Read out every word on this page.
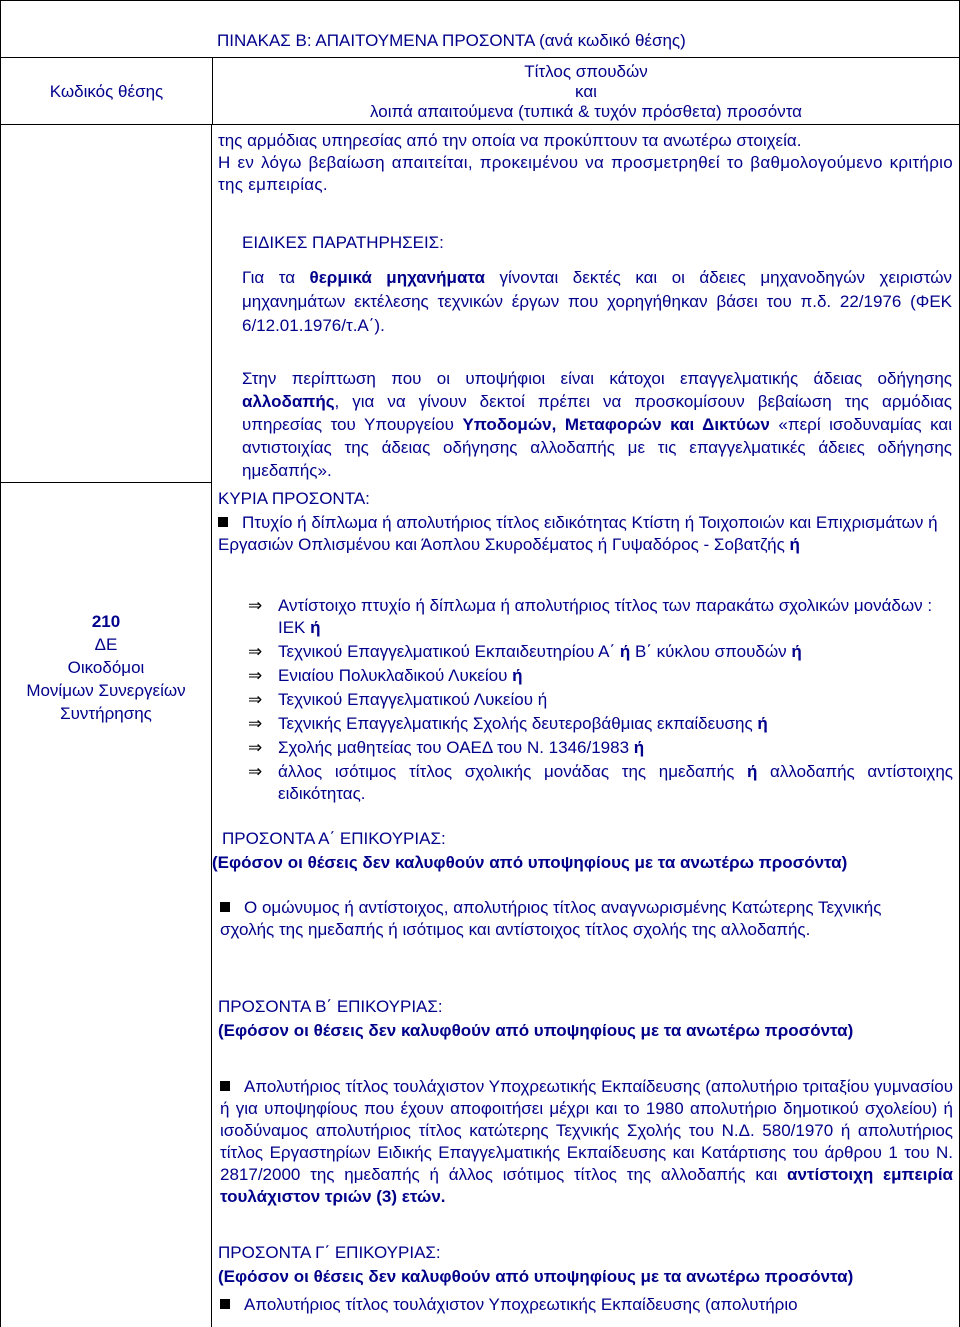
ΠΙΝΑΚΑΣ Β: ΑΠΑΙΤΟΥΜΕΝΑ ΠΡΟΣΟΝΤΑ (ανά κωδικό θέσης)
Κωδικός θέσης
Τίτλος σπουδών
και
λοιπά απαιτούμενα (τυπικά & τυχόν πρόσθετα) προσόντα
210
ΔΕ
Οικοδόμοι
Μονίμων Συνεργείων
Συντήρησης
της αρμόδιας υπηρεσίας από την οποία να προκύπτουν τα ανωτέρω στοιχεία.
Η εν λόγω βεβαίωση απαιτείται, προκειμένου να προσμετρηθεί το βαθμολογούμενο κριτήριο της εμπειρίας.
ΕΙΔΙΚΕΣ ΠΑΡΑΤΗΡΗΣΕΙΣ:
Για τα θερμικά μηχανήματα γίνονται δεκτές και οι άδειες μηχανοδηγών χειριστών μηχανημάτων εκτέλεσης τεχνικών έργων που χορηγήθηκαν βάσει του π.δ. 22/1976 (ΦΕΚ 6/12.01.1976/τ.Α΄).
Στην περίπτωση που οι υποψήφιοι είναι κάτοχοι επαγγελματικής άδειας οδήγησης αλλοδαπής, για να γίνουν δεκτοί πρέπει να προσκομίσουν βεβαίωση της αρμόδιας υπηρεσίας του Υπουργείου Υποδομών, Μεταφορών και Δικτύων «περί ισοδυναμίας και αντιστοιχίας της άδειας οδήγησης αλλοδαπής με τις επαγγελματικές άδειες οδήγησης ημεδαπής».
ΚΥΡΙΑ ΠΡΟΣΟΝΤΑ:
Πτυχίο ή δίπλωμα ή απολυτήριος τίτλος ειδικότητας Κτίστη ή Τοιχοποιών και Επιχρισμάτων ή Εργασιών Οπλισμένου και Άοπλου Σκυροδέματος ή Γυψαδόρος - Σοβατζής ή
⇒ Αντίστοιχο πτυχίο ή δίπλωμα ή απολυτήριος τίτλος των παρακάτω σχολικών μονάδων : ΙΕΚ ή
⇒ Τεχνικού Επαγγελματικού Εκπαιδευτηρίου Α΄ ή Β΄ κύκλου σπουδών ή
⇒ Ενιαίου Πολυκλαδικού Λυκείου ή
⇒ Τεχνικού Επαγγελματικού Λυκείου ή
⇒ Τεχνικής Επαγγελματικής Σχολής δευτεροβάθμιας εκπαίδευσης ή
⇒ Σχολής μαθητείας του ΟΑΕΔ του Ν. 1346/1983 ή
⇒ άλλος ισότιμος τίτλος σχολικής μονάδας της ημεδαπής ή αλλοδαπής αντίστοιχης ειδικότητας.
ΠΡΟΣΟΝΤΑ Α΄ ΕΠΙΚΟΥΡΙΑΣ:
(Εφόσον οι θέσεις δεν καλυφθούν από υποψηφίους με τα ανωτέρω προσόντα)
Ο ομώνυμος ή αντίστοιχος, απολυτήριος τίτλος αναγνωρισμένης Κατώτερης Τεχνικής σχολής της ημεδαπής ή ισότιμος και αντίστοιχος τίτλος σχολής της αλλοδαπής.
ΠΡΟΣΟΝΤΑ Β΄ ΕΠΙΚΟΥΡΙΑΣ:
(Εφόσον οι θέσεις δεν καλυφθούν από υποψηφίους με τα ανωτέρω προσόντα)
Απολυτήριος τίτλος τουλάχιστον Υποχρεωτικής Εκπαίδευσης (απολυτήριο τριταξίου γυμνασίου ή για υποψηφίους που έχουν αποφοιτήσει μέχρι και το 1980 απολυτήριο δημοτικού σχολείου) ή ισοδύναμος απολυτήριος τίτλος κατώτερης Τεχνικής Σχολής του Ν.Δ. 580/1970 ή απολυτήριος τίτλος Εργαστηρίων Ειδικής Επαγγελματικής Εκπαίδευσης και Κατάρτισης του άρθρου 1 του Ν. 2817/2000 της ημεδαπής ή άλλος ισότιμος τίτλος της αλλοδαπής και αντίστοιχη εμπειρία τουλάχιστον τριών (3) ετών.
ΠΡΟΣΟΝΤΑ Γ΄ ΕΠΙΚΟΥΡΙΑΣ:
(Εφόσον οι θέσεις δεν καλυφθούν από υποψηφίους με τα ανωτέρω προσόντα)
Απολυτήριος τίτλος τουλάχιστον Υποχρεωτικής Εκπαίδευσης (απολυτήριο
